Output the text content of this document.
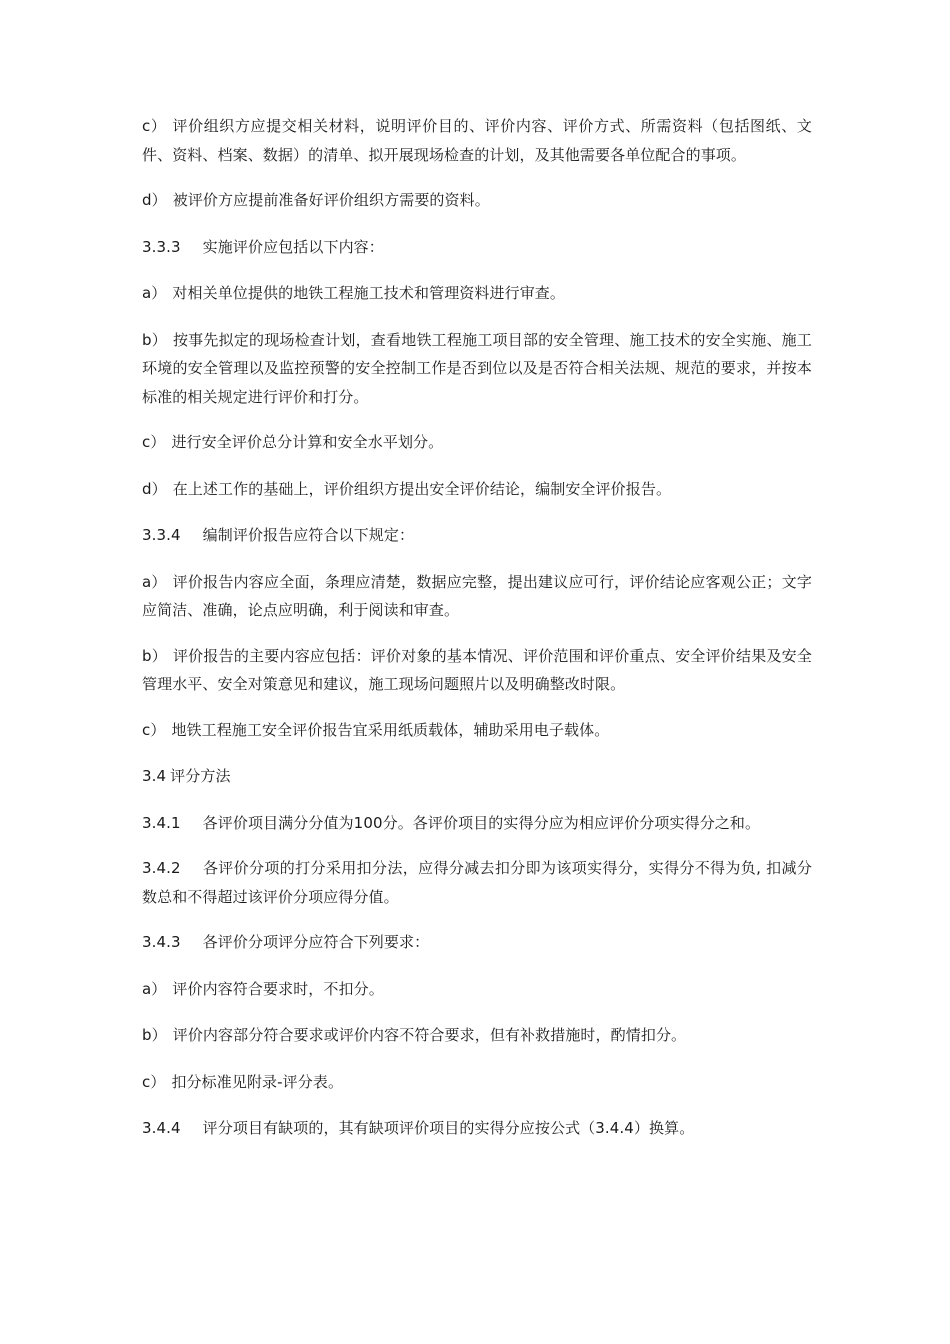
c） 评价组织方应提交相关材料，说明评价目的、评价内容、评价方式、所需资料（包括图纸、文件、资料、档案、数据）的清单、拟开展现场检查的计划，及其他需要各单位配合的事项。

d） 被评价方应提前准备好评价组织方需要的资料。

3.3.3 实施评价应包括以下内容：

a） 对相关单位提供的地铁工程施工技术和管理资料进行审查。

b） 按事先拟定的现场检查计划，查看地铁工程施工项目部的安全管理、施工技术的安全实施、施工环境的安全管理以及监控预警的安全控制工作是否到位以及是否符合相关法规、规范的要求，并按本标准的相关规定进行评价和打分。

c） 进行安全评价总分计算和安全水平划分。

d） 在上述工作的基础上，评价组织方提出安全评价结论，编制安全评价报告。

3.3.4 编制评价报告应符合以下规定：

a） 评价报告内容应全面，条理应清楚，数据应完整，提出建议应可行，评价结论应客观公正；文字应简洁、准确，论点应明确，利于阅读和审查。

b） 评价报告的主要内容应包括：评价对象的基本情况、评价范围和评价重点、安全评价结果及安全管理水平、安全对策意见和建议，施工现场问题照片以及明确整改时限。

c） 地铁工程施工安全评价报告宜采用纸质载体，辅助采用电子载体。

3.4 评分方法

3.4.1 各评价项目满分分值为100分。各评价项目的实得分应为相应评价分项实得分之和。

3.4.2 各评价分项的打分采用扣分法，应得分减去扣分即为该项实得分，实得分不得为负, 扣减分数总和不得超过该评价分项应得分值。

3.4.3 各评价分项评分应符合下列要求：

a） 评价内容符合要求时，不扣分。

b） 评价内容部分符合要求或评价内容不符合要求，但有补救措施时，酌情扣分。

c） 扣分标准见附录-评分表。

3.4.4 评分项目有缺项的，其有缺项评价项目的实得分应按公式（3.4.4）换算。
